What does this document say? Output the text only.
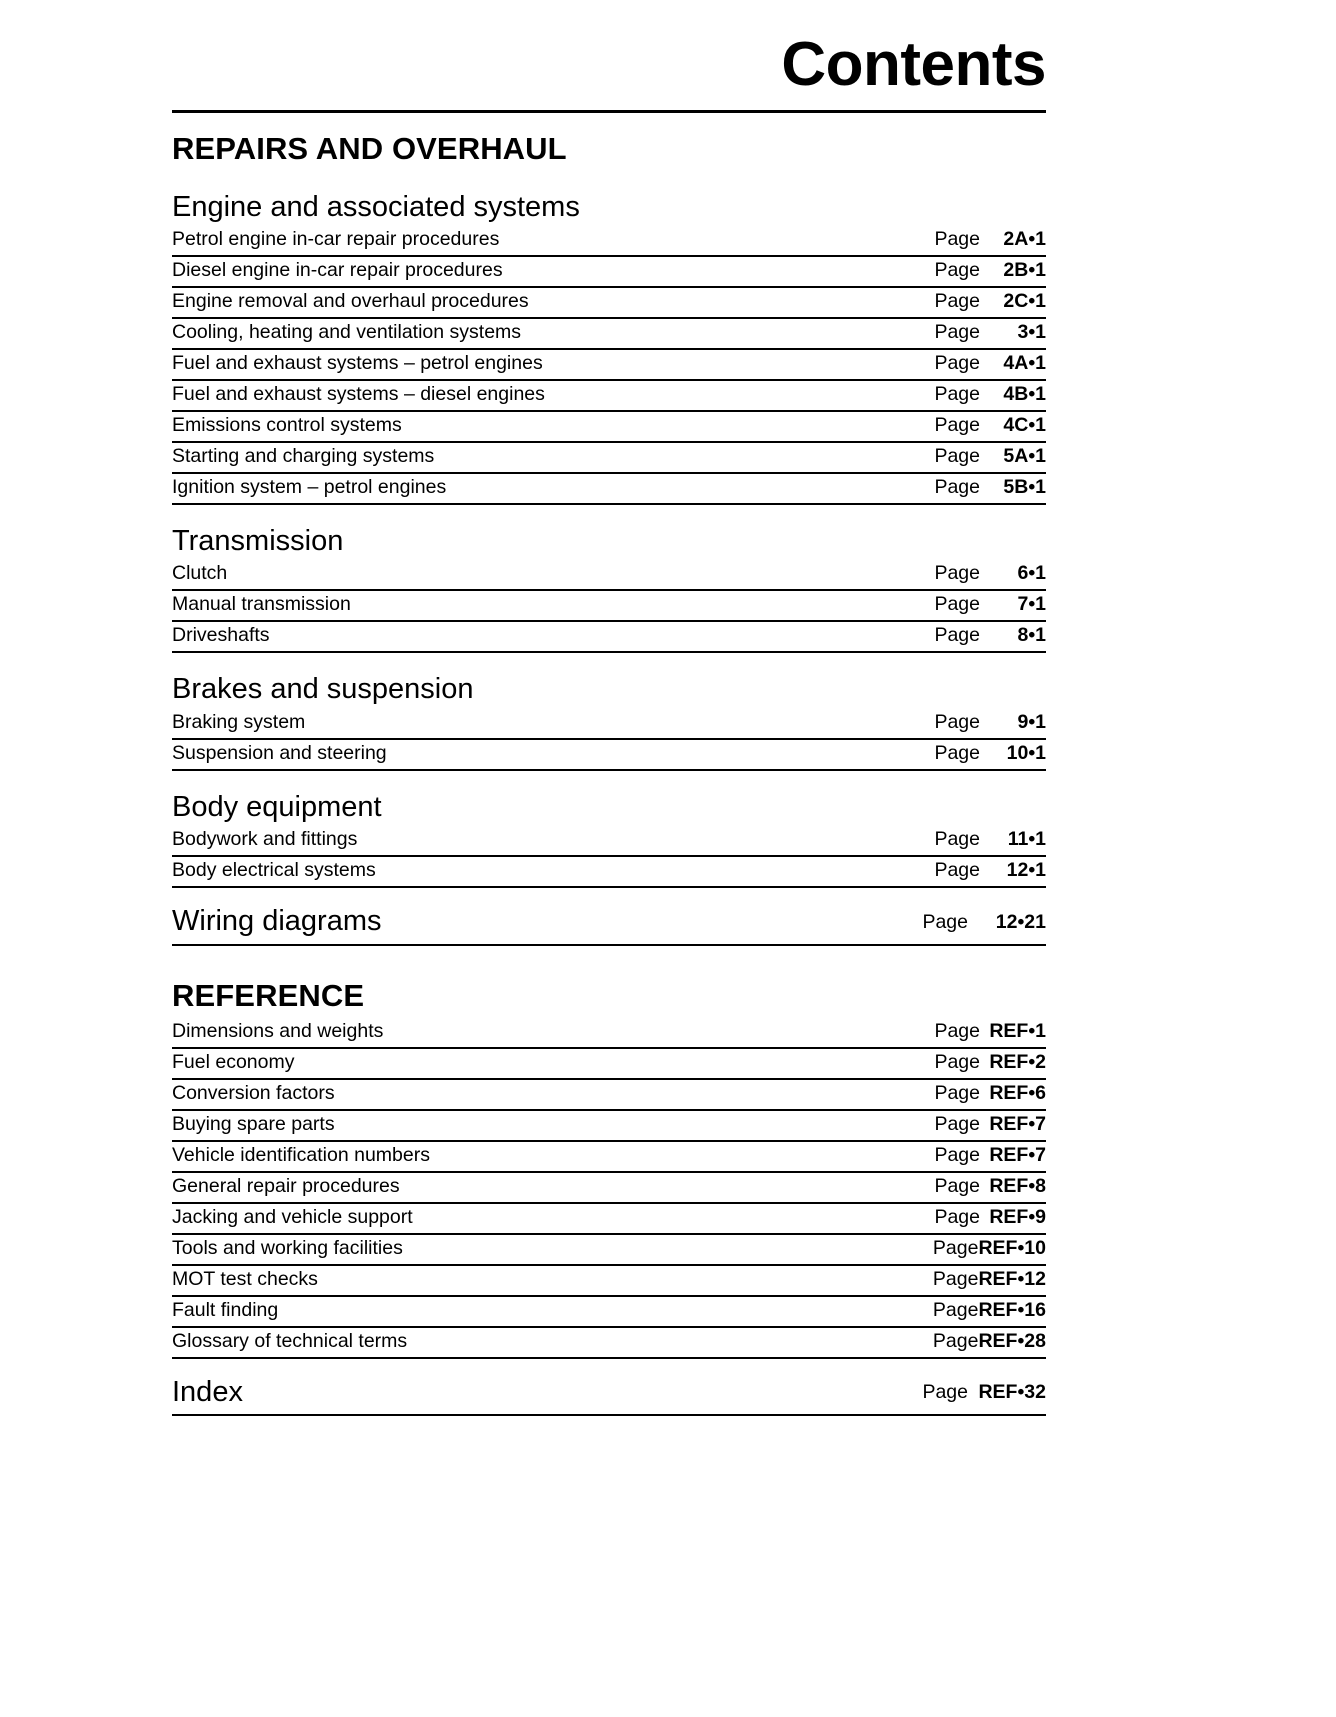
Contents
REPAIRS AND OVERHAUL
Engine and associated systems
Petrol engine in-car repair procedures	Page	2A•1
Diesel engine in-car repair procedures	Page	2B•1
Engine removal and overhaul procedures	Page	2C•1
Cooling, heating and ventilation systems	Page	3•1
Fuel and exhaust systems – petrol engines	Page	4A•1
Fuel and exhaust systems – diesel engines	Page	4B•1
Emissions control systems	Page	4C•1
Starting and charging systems	Page	5A•1
Ignition system – petrol engines	Page	5B•1
Transmission
Clutch	Page	6•1
Manual transmission	Page	7•1
Driveshafts	Page	8•1
Brakes and suspension
Braking system	Page	9•1
Suspension and steering	Page	10•1
Body equipment
Bodywork and fittings	Page	11•1
Body electrical systems	Page	12•1
Wiring diagrams	Page	12•21
REFERENCE
Dimensions and weights	Page REF•1
Fuel economy	Page REF•2
Conversion factors	Page REF•6
Buying spare parts	Page REF•7
Vehicle identification numbers	Page REF•7
General repair procedures	Page REF•8
Jacking and vehicle support	Page REF•9
Tools and working facilities	Page REF•10
MOT test checks	Page REF•12
Fault finding	Page REF•16
Glossary of technical terms	Page REF•28
Index	Page REF•32
